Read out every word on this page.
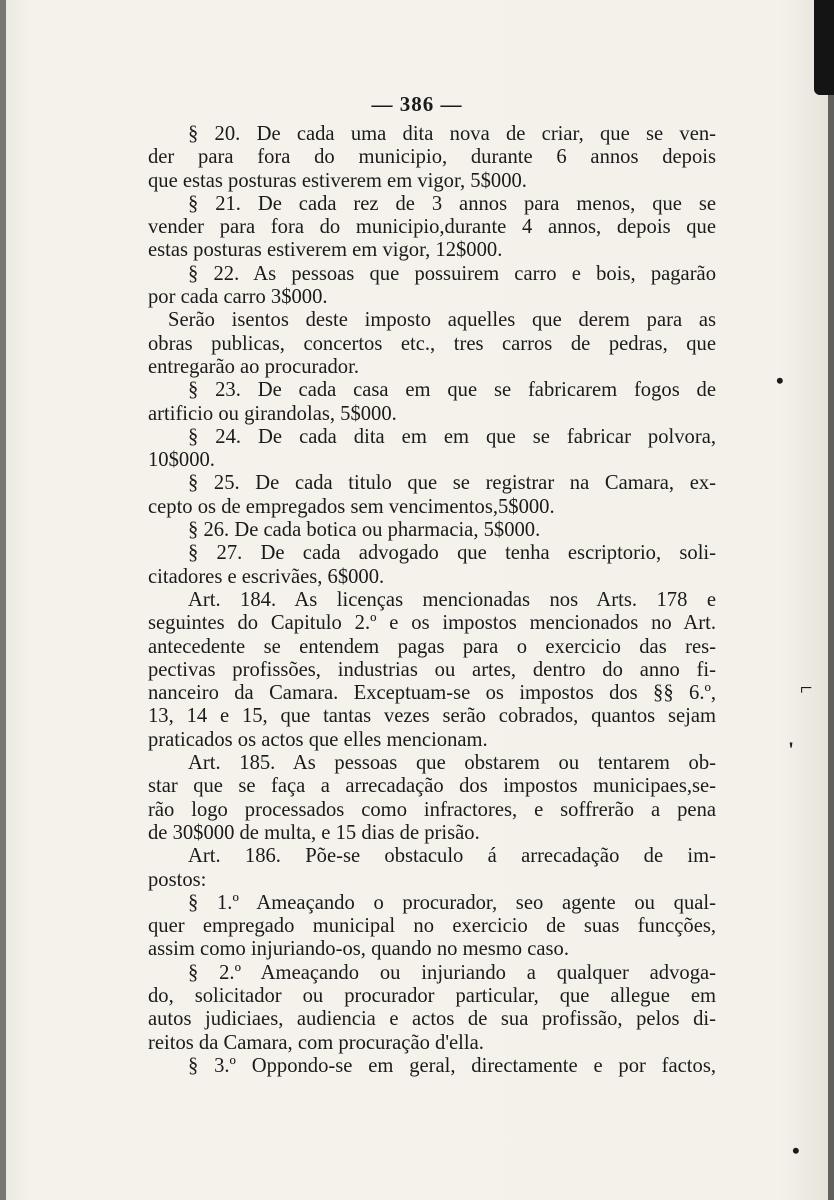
•
'
⌐
•
— 386 —
§ 20. De cada uma dita nova de criar, que se ven-
der para fora do municipio, durante 6 annos depois
que estas posturas estiverem em vigor, 5$000.
§ 21. De cada rez de 3 annos para menos, que se
vender para fora do municipio,durante 4 annos, depois que
estas posturas estiverem em vigor, 12$000.
§ 22. As pessoas que possuirem carro e bois, pagarão
por cada carro 3$000.
Serão isentos deste imposto aquelles que derem para as
obras publicas, concertos etc., tres carros de pedras, que
entregarão ao procurador.
§ 23. De cada casa em que se fabricarem fogos de
artificio ou girandolas, 5$000.
§ 24. De cada dita em em que se fabricar polvora,
10$000.
§ 25. De cada titulo que se registrar na Camara, ex-
cepto os de empregados sem vencimentos,5$000.
§ 26. De cada botica ou pharmacia, 5$000.
§ 27. De cada advogado que tenha escriptorio, soli-
citadores e escrivães, 6$000.
Art. 184. As licenças mencionadas nos Arts. 178 e
seguintes do Capitulo 2.º e os impostos mencionados no Art.
antecedente se entendem pagas para o exercicio das res-
pectivas profissões, industrias ou artes, dentro do anno fi-
nanceiro da Camara. Exceptuam-se os impostos dos §§ 6.º,
13, 14 e 15, que tantas vezes serão cobrados, quantos sejam
praticados os actos que elles mencionam.
Art. 185. As pessoas que obstarem ou tentarem ob-
star que se faça a arrecadação dos impostos municipaes,se-
rão logo processados como infractores, e soffrerão a pena
de 30$000 de multa, e 15 dias de prisão.
Art. 186. Põe-se obstaculo á arrecadação de im-
postos:
§ 1.º Ameaçando o procurador, seo agente ou qual-
quer empregado municipal no exercicio de suas funcções,
assim como injuriando-os, quando no mesmo caso.
§ 2.º Ameaçando ou injuriando a qualquer advoga-
do, solicitador ou procurador particular, que allegue em
autos judiciaes, audiencia e actos de sua profissão, pelos di-
reitos da Camara, com procuração d'ella.
§ 3.º Oppondo-se em geral, directamente e por factos,
